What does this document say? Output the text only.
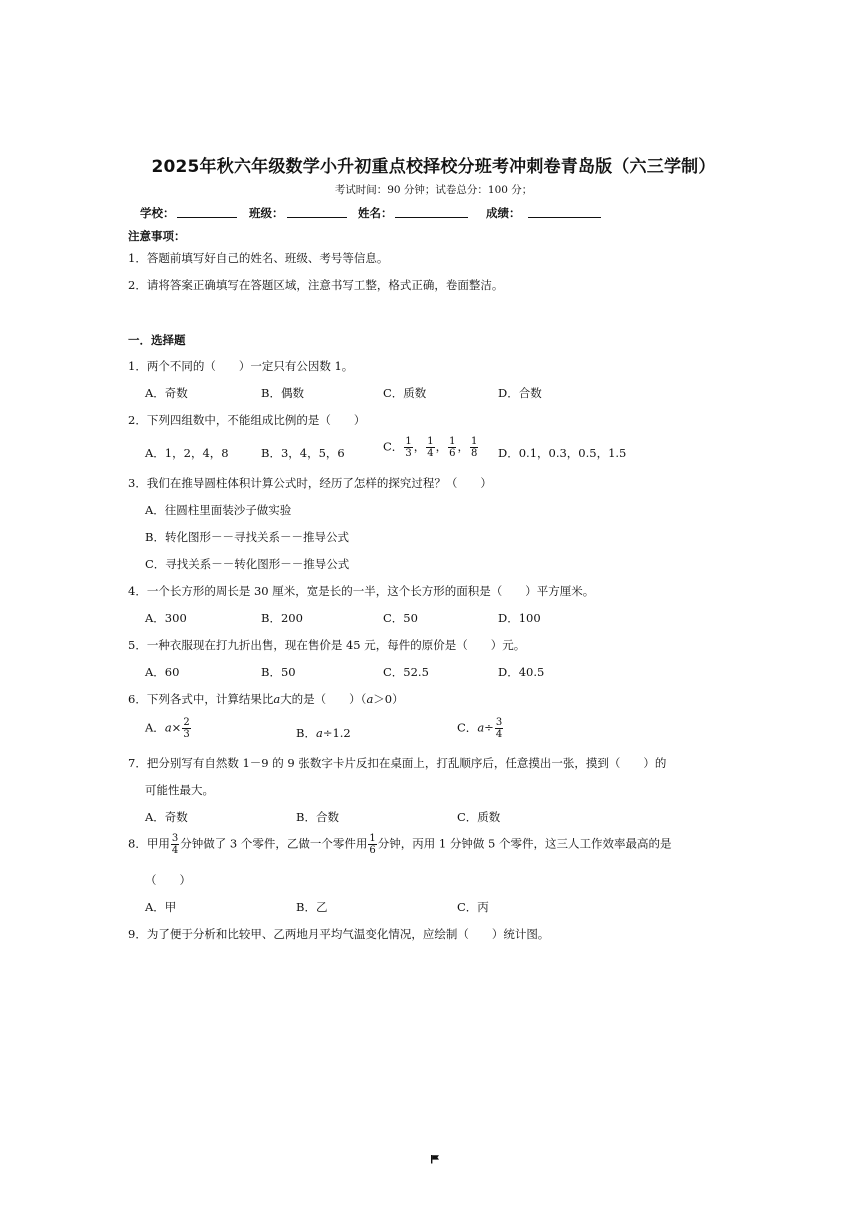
2025年秋六年级数学小升初重点校择校分班考冲刺卷青岛版（六三学制）
考试时间：90 分钟；试卷总分：100 分；
学校：	班级：	姓名：	成绩：
注意事项：
1．答题前填写好自己的姓名、班级、考号等信息。
2．请将答案正确填写在答题区域，注意书写工整，格式正确，卷面整洁。
一．选择题
1．两个不同的（　　）一定只有公因数 1。
A．奇数	B．偶数	C．质数	D．合数
2．下列四组数中，不能组成比例的是（　　）
A．1，2，4，8	B．3，4，5，6	C． $\frac{1}{3}$ ， $\frac{1}{4}$ ， $\frac{1}{6}$ ， $\frac{1}{8}$ D．0.1，0.3，0.5，1.5
3．我们在推导圆柱体积计算公式时，经历了怎样的探究过程？（　　）
A．往圆柱里面装沙子做实验
B．转化图形－－寻找关系－－推导公式
C．寻找关系－－转化图形－－推导公式
4．一个长方形的周长是 30 厘米，宽是长的一半，这个长方形的面积是（　　）平方厘米。
A．300	B．200	C．50	D．100
5．一种衣服现在打九折出售，现在售价是 45 元，每件的原价是（　　）元。
A．60	B．50	C．52.5	D．40.5
6．下列各式中，计算结果比a大的是（　　）（a＞0）
A．$a\times \frac{2}{3}$	B．a÷1.2	C．$a\div \frac{3}{4}$
7．把分别写有自然数 1－9 的 9 张数字卡片反扣在桌面上，打乱顺序后，任意摸出一张，摸到（　　）的
可能性最大。
A．奇数	B．合数	C．质数
8．甲用 $\frac{3}{4}$ 分钟做了 3 个零件，乙做一个零件用 $\frac{1}{6}$ 分钟，丙用 1 分钟做 5 个零件，这三人工作效率最高的是
（　　）
A．甲	B．乙	C．丙
9．为了便于分析和比较甲、乙两地月平均气温变化情况，应绘制（　　）统计图。
